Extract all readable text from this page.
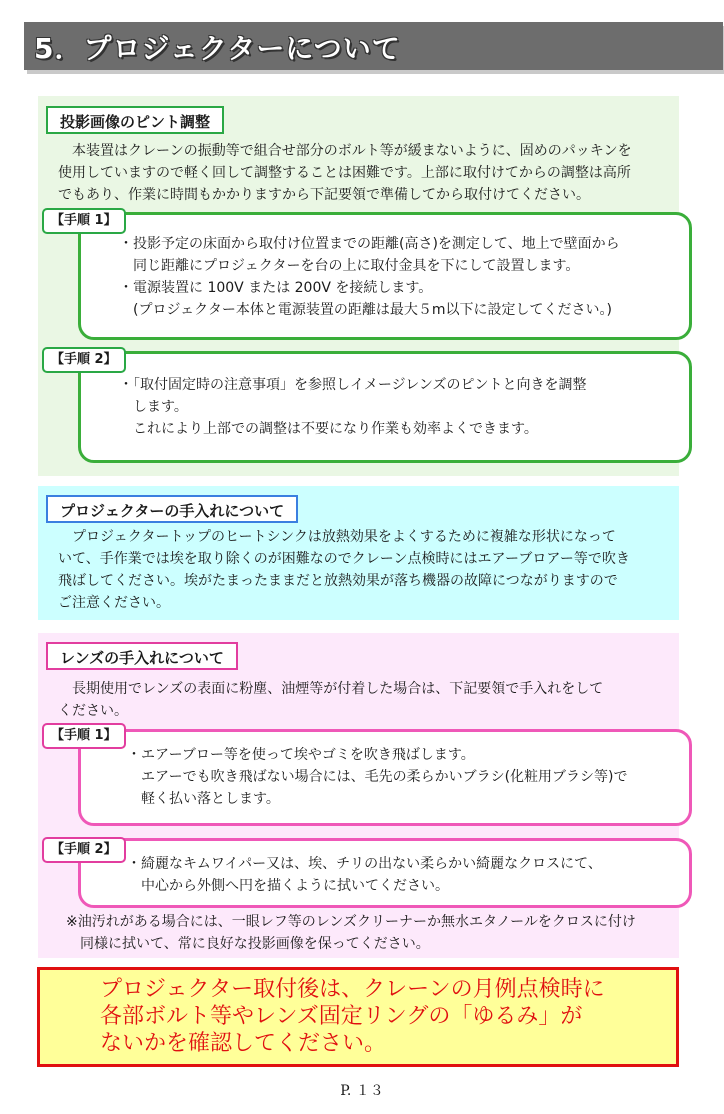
5．プロジェクターについて
投影画像のピント調整

　本装置はクレーンの振動等で組合せ部分のボルト等が緩まないように、固めのパッキンを
使用していますので軽く回して調整することは困難です。上部に取付けてからの調整は高所
でもあり、作業に時間もかかりますから下記要領で準備してから取付けてください。

・投影予定の床面から取付け位置までの距離(高さ)を測定して、地上で壁面から
　同じ距離にプロジェクターを台の上に取付金具を下にして設置します。
・電源装置に 100V または 200V を接続します。
　(プロジェクター本体と電源装置の距離は最大５m以下に設定してください。)
【手順 1】
・「取付固定時の注意事項」を参照しイメージレンズのピントと向きを調整
　します。
　これにより上部での調整は不要になり作業も効率よくできます。
【手順 2】
プロジェクターの手入れについて

　プロジェクタートップのヒートシンクは放熱効果をよくするために複雑な形状になって
いて、手作業では埃を取り除くのが困難なのでクレーン点検時にはエアーブロアー等で吹き
飛ばしてください。埃がたまったままだと放熱効果が落ち機器の故障につながりますので
ご注意ください。

レンズの手入れについて

　長期使用でレンズの表面に粉塵、油煙等が付着した場合は、下記要領で手入れをして
ください。

・エアーブロー等を使って埃やゴミを吹き飛ばします。
　エアーでも吹き飛ばない場合には、毛先の柔らかいブラシ(化粧用ブラシ等)で
　軽く払い落とします。
【手順 1】
・綺麗なキムワイパー又は、埃、チリの出ない柔らかい綺麗なクロスにて、
　中心から外側へ円を描くように拭いてください。
【手順 2】

※油汚れがある場合には、一眼レフ等のレンズクリーナーか無水エタノールをクロスに付け
　同様に拭いて、常に良好な投影画像を保ってください。

プロジェクター取付後は、クレーンの月例点検時に
各部ボルト等やレンズ固定リングの「ゆるみ」が
ないかを確認してください。
P. １３
